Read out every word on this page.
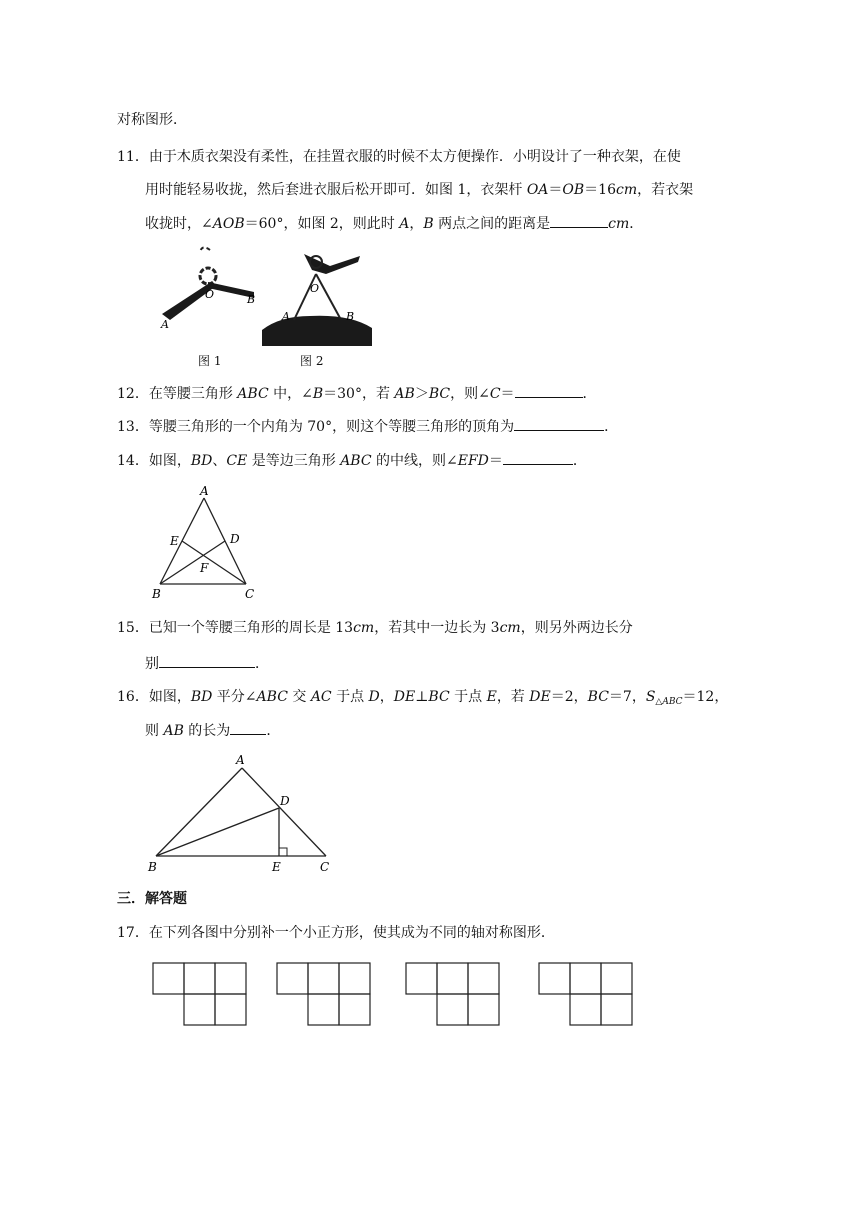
对称图形．
11．由于木质衣架没有柔性，在挂置衣服的时候不太方便操作．小明设计了一种衣架，在使
用时能轻易收拢，然后套进衣服后松开即可．如图 1，衣架杆 OA＝OB＝16cm，若衣架
收拢时，∠AOB＝60°，如图 2，则此时 A，B 两点之间的距离是	cm．
O	B
A
图 1
O
A	B
图 2
12．在等腰三角形 ABC 中，∠B＝30°，若 AB＞BC，则∠C＝	．
13．等腰三角形的一个内角为 70°，则这个等腰三角形的顶角为	．
14．如图，BD、CE 是等边三角形 ABC 的中线，则∠EFD＝	．
A
E	D
F
B	C
15．已知一个等腰三角形的周长是 13cm，若其中一边长为 3cm，则另外两边长分
别	．
16．如图，BD 平分∠ABC 交 AC 于点 D，DE⊥BC 于点 E，若 DE＝2，BC＝7，$S_{\triangle ABC}=12$，
则 AB 的长为	．
A
D
B	E	C
三．解答题
17．在下列各图中分别补一个小正方形，使其成为不同的轴对称图形．
